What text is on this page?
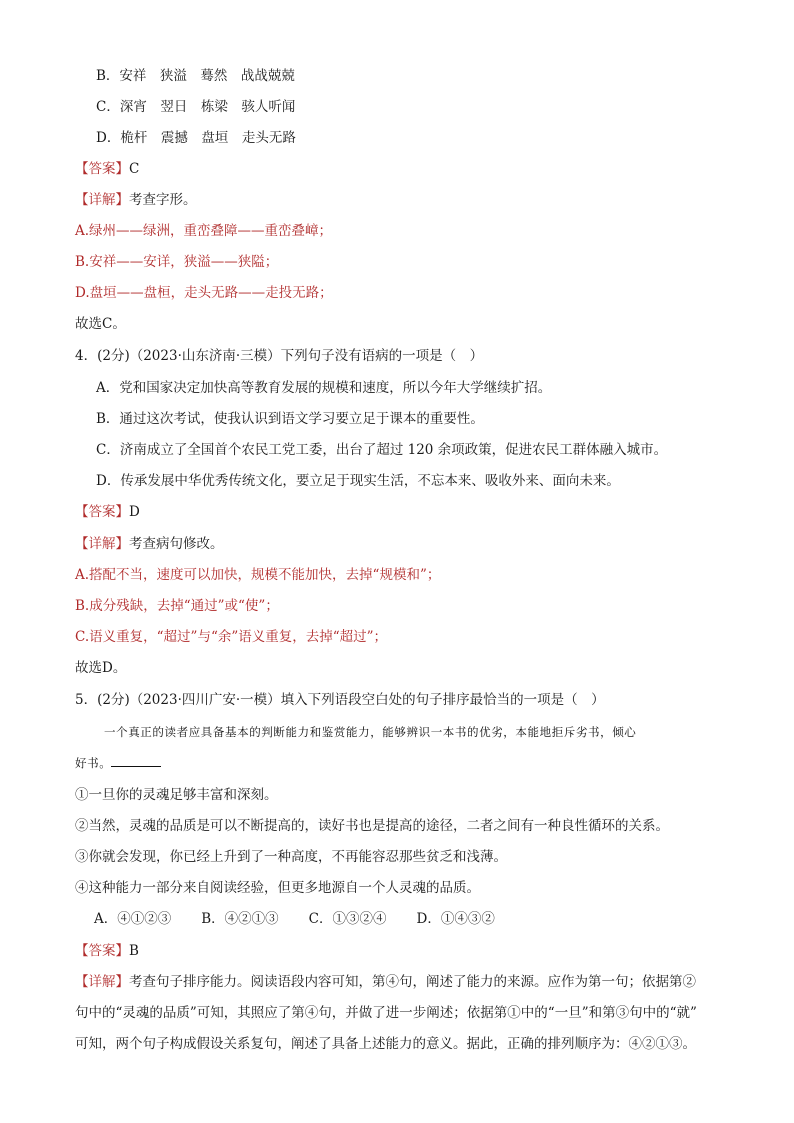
B．安祥　狭溢　蓦然　战战兢兢
C．深宵　翌日　栋梁　骇人听闻
D．桅杆　震撼　盘垣　走头无路
【答案】C
【详解】考查字形。
A.绿州——绿洲，重峦叠障——重峦叠嶂；
B.安祥——安详，狭溢——狭隘；
D.盘垣——盘桓，走头无路——走投无路；
故选C。
4．(2分)（2023·山东济南·三模）下列句子没有语病的一项是（　）
A．党和国家决定加快高等教育发展的规模和速度，所以今年大学继续扩招。
B．通过这次考试，使我认识到语文学习要立足于课本的重要性。
C．济南成立了全国首个农民工党工委，出台了超过 120 余项政策，促进农民工群体融入城市。
D．传承发展中华优秀传统文化，要立足于现实生活，不忘本来、吸收外来、面向未来。
【答案】D
【详解】考查病句修改。
A.搭配不当，速度可以加快，规模不能加快，去掉“规模和”；
B.成分残缺，去掉“通过”或“使”；
C.语义重复，“超过”与“余”语义重复，去掉“超过”；
故选D。
5．(2分)（2023·四川广安·一模）填入下列语段空白处的句子排序最恰当的一项是（　）
一个真正的读者应具备基本的判断能力和鉴赏能力，能够辨识一本书的优劣，本能地拒斥劣书，倾心
好书。
①一旦你的灵魂足够丰富和深刻。
②当然，灵魂的品质是可以不断提高的，读好书也是提高的途径，二者之间有一种良性循环的关系。
③你就会发现，你已经上升到了一种高度，不再能容忍那些贫乏和浅薄。
④这种能力一部分来自阅读经验，但更多地源自一个人灵魂的品质。
A．④①②③ B．④②①③ C．①③②④ D．①④③②
【答案】B
【详解】考查句子排序能力。阅读语段内容可知，第④句，阐述了能力的来源。应作为第一句；依据第②
句中的“灵魂的品质”可知，其照应了第④句，并做了进一步阐述；依据第①中的“一旦”和第③句中的“就”
可知，两个句子构成假设关系复句，阐述了具备上述能力的意义。据此，正确的排列顺序为：④②①③。
